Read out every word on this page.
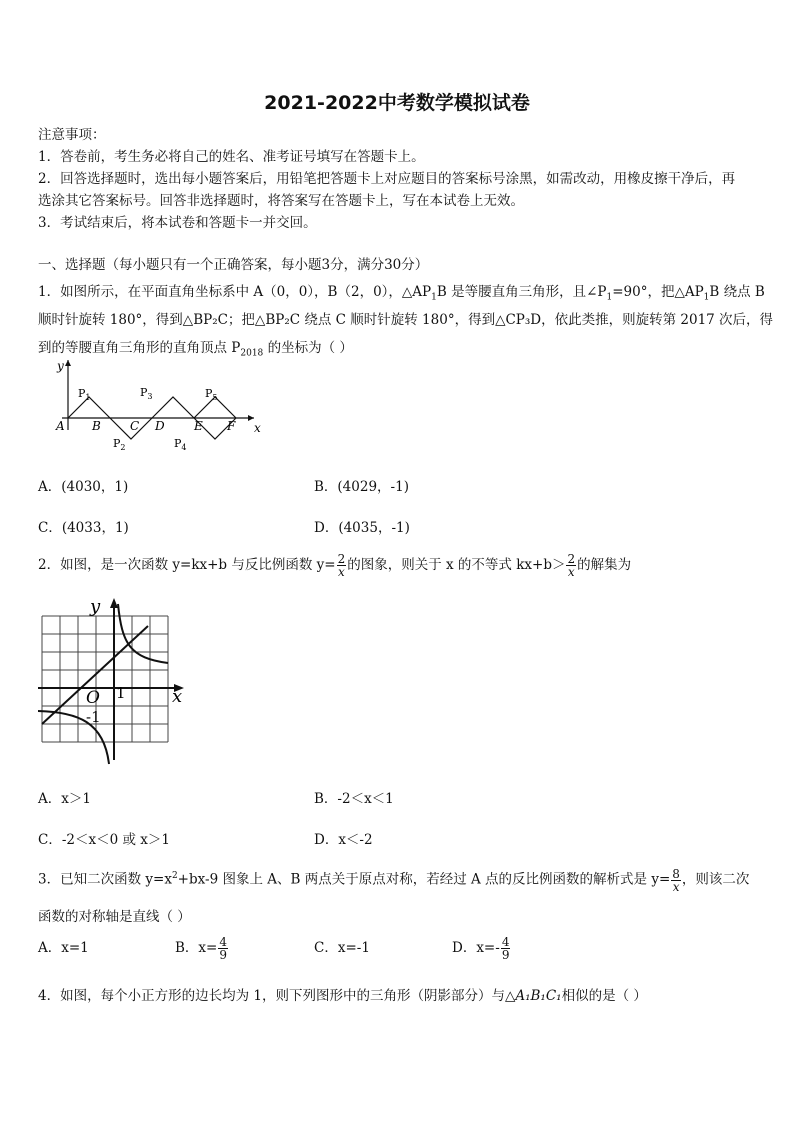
2021-2022中考数学模拟试卷
注意事项：
1．答卷前，考生务必将自己的姓名、准考证号填写在答题卡上。
2．回答选择题时，选出每小题答案后，用铅笔把答题卡上对应题目的答案标号涂黑，如需改动，用橡皮擦干净后，再
选涂其它答案标号。回答非选择题时，将答案写在答题卡上，写在本试卷上无效。
3．考试结束后，将本试卷和答题卡一并交回。
一、选择题（每小题只有一个正确答案，每小题3分，满分30分）
1．如图所示，在平面直角坐标系中 A（0，0），B（2，0），$\triangle AP_1B$ 是等腰直角三角形，且$\angle P_1=90^\circ$，把$\triangle AP_1B$ 绕点 B
顺时针旋转 180°，得到△BP₂C；把△BP₂C 绕点 C 顺时针旋转 180°，得到△CP₃D，依此类推，则旋转第 2017 次后，得
到的等腰直角三角形的直角顶点 $P_{2018}$ 的坐标为（ ）
y
x
A B C D E F
$P_1$
$P_2$
$P_3$
$P_4$
$P_5$
A．(4030，1)	B．(4029，-1)
C．(4033，1)	D．(4035，-1)
2．如图，是一次函数 y=kx+b 与反比例函数 $y= \frac{2}{x}$ 的图象，则关于 x 的不等式 $kx+b> \frac{2}{x}$ 的解集为
y
x
O 1
-1
A．x＞1	B．-2＜x＜1
C．-2＜x＜0 或 x＞1	D．x＜-2
3．已知二次函数 $y=x^2+bx-9$ 图象上 A、B 两点关于原点对称，若经过 A 点的反比例函数的解析式是 $y= \frac{8}{x}$ ，则该二次
函数的对称轴是直线（ ）
A．x=1	B．$x= \frac{4}{9}$	C．x=-1	D．$x=- \frac{4}{9}$
4．如图，每个小正方形的边长均为 1，则下列图形中的三角形（阴影部分）与△A₁B₁C₁相似的是（ ）
